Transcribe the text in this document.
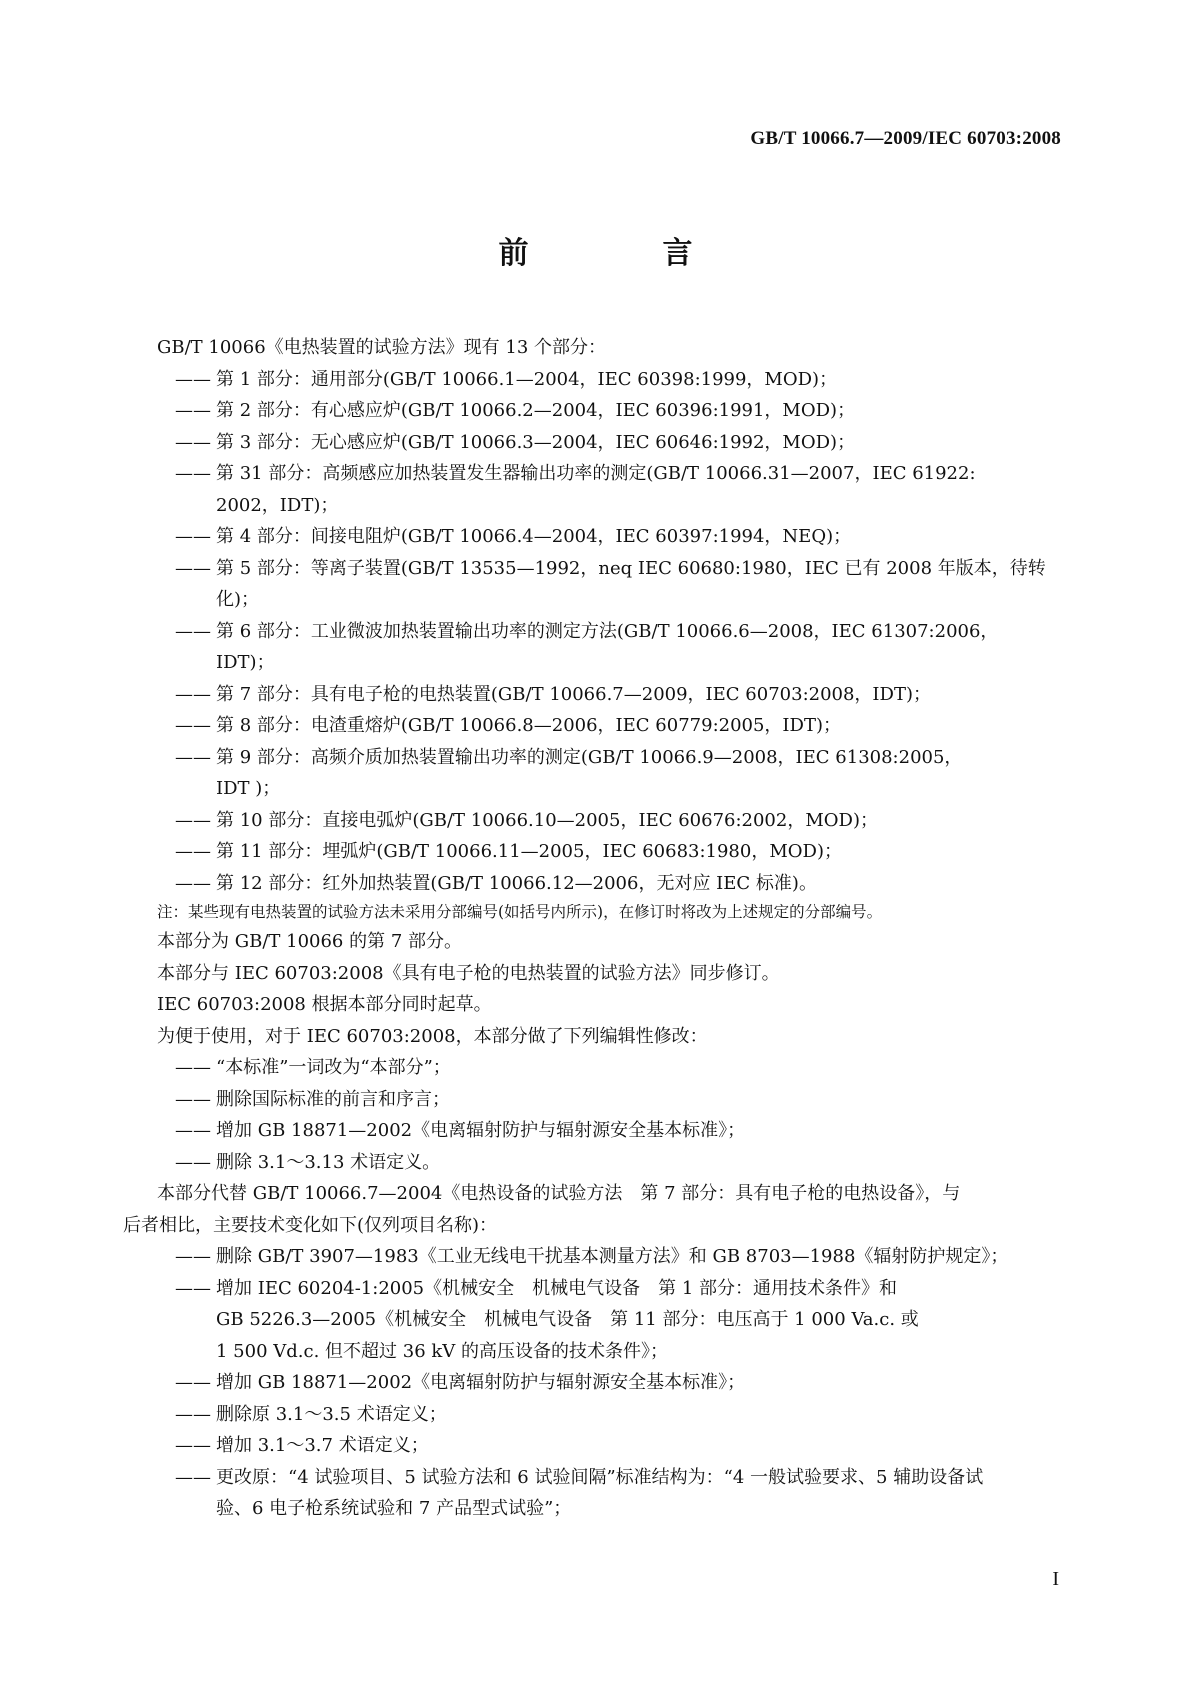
GB/T 10066.7—2009/IEC 60703:2008
前　言

GB/T 10066《电热装置的试验方法》现有 13 个部分：

—— 第 1 部分：通用部分(GB/T 10066.1—2004，IEC 60398:1999，MOD)；
—— 第 2 部分：有心感应炉(GB/T 10066.2—2004，IEC 60396:1991，MOD)；
—— 第 3 部分：无心感应炉(GB/T 10066.3—2004，IEC 60646:1992，MOD)；
—— 第 31 部分：高频感应加热装置发生器输出功率的测定(GB/T 10066.31—2007，IEC 61922:
2002，IDT)；
—— 第 4 部分：间接电阻炉(GB/T 10066.4—2004，IEC 60397:1994，NEQ)；
—— 第 5 部分：等离子装置(GB/T 13535—1992，neq IEC 60680:1980，IEC 已有 2008 年版本，待转
化)；
—— 第 6 部分：工业微波加热装置输出功率的测定方法(GB/T 10066.6—2008，IEC 61307:2006，
IDT)；
—— 第 7 部分：具有电子枪的电热装置(GB/T 10066.7—2009，IEC 60703:2008，IDT)；
—— 第 8 部分：电渣重熔炉(GB/T 10066.8—2006，IEC 60779:2005，IDT)；
—— 第 9 部分：高频介质加热装置输出功率的测定(GB/T 10066.9—2008，IEC 61308:2005，
IDT )；
—— 第 10 部分：直接电弧炉(GB/T 10066.10—2005，IEC 60676:2002，MOD)；
—— 第 11 部分：埋弧炉(GB/T 10066.11—2005，IEC 60683:1980，MOD)；
—— 第 12 部分：红外加热装置(GB/T 10066.12—2006，无对应 IEC 标准)。

注：某些现有电热装置的试验方法未采用分部编号(如括号内所示)，在修订时将改为上述规定的分部编号。

本部分为 GB/T 10066 的第 7 部分。

本部分与 IEC 60703:2008《具有电子枪的电热装置的试验方法》同步修订。

IEC 60703:2008 根据本部分同时起草。

为便于使用，对于 IEC 60703:2008，本部分做了下列编辑性修改：

—— “本标准”一词改为“本部分”；
—— 删除国际标准的前言和序言；
—— 增加 GB 18871—2002《电离辐射防护与辐射源安全基本标准》；
—— 删除 3.1～3.13 术语定义。

本部分代替 GB/T 10066.7—2004《电热设备的试验方法　第 7 部分：具有电子枪的电热设备》，与

后者相比，主要技术变化如下(仅列项目名称)：

—— 删除 GB/T 3907—1983《工业无线电干扰基本测量方法》和 GB 8703—1988《辐射防护规定》；
—— 增加 IEC 60204-1:2005《机械安全　机械电气设备　第 1 部分：通用技术条件》和
GB 5226.3—2005《机械安全　机械电气设备　第 11 部分：电压高于 1 000 Va.c. 或
1 500 Vd.c. 但不超过 36 kV 的高压设备的技术条件》；
—— 增加 GB 18871—2002《电离辐射防护与辐射源安全基本标准》；
—— 删除原 3.1～3.5 术语定义；
—— 增加 3.1～3.7 术语定义；
—— 更改原：“4 试验项目、5 试验方法和 6 试验间隔”标准结构为：“4 一般试验要求、5 辅助设备试
验、6 电子枪系统试验和 7 产品型式试验”；
I
